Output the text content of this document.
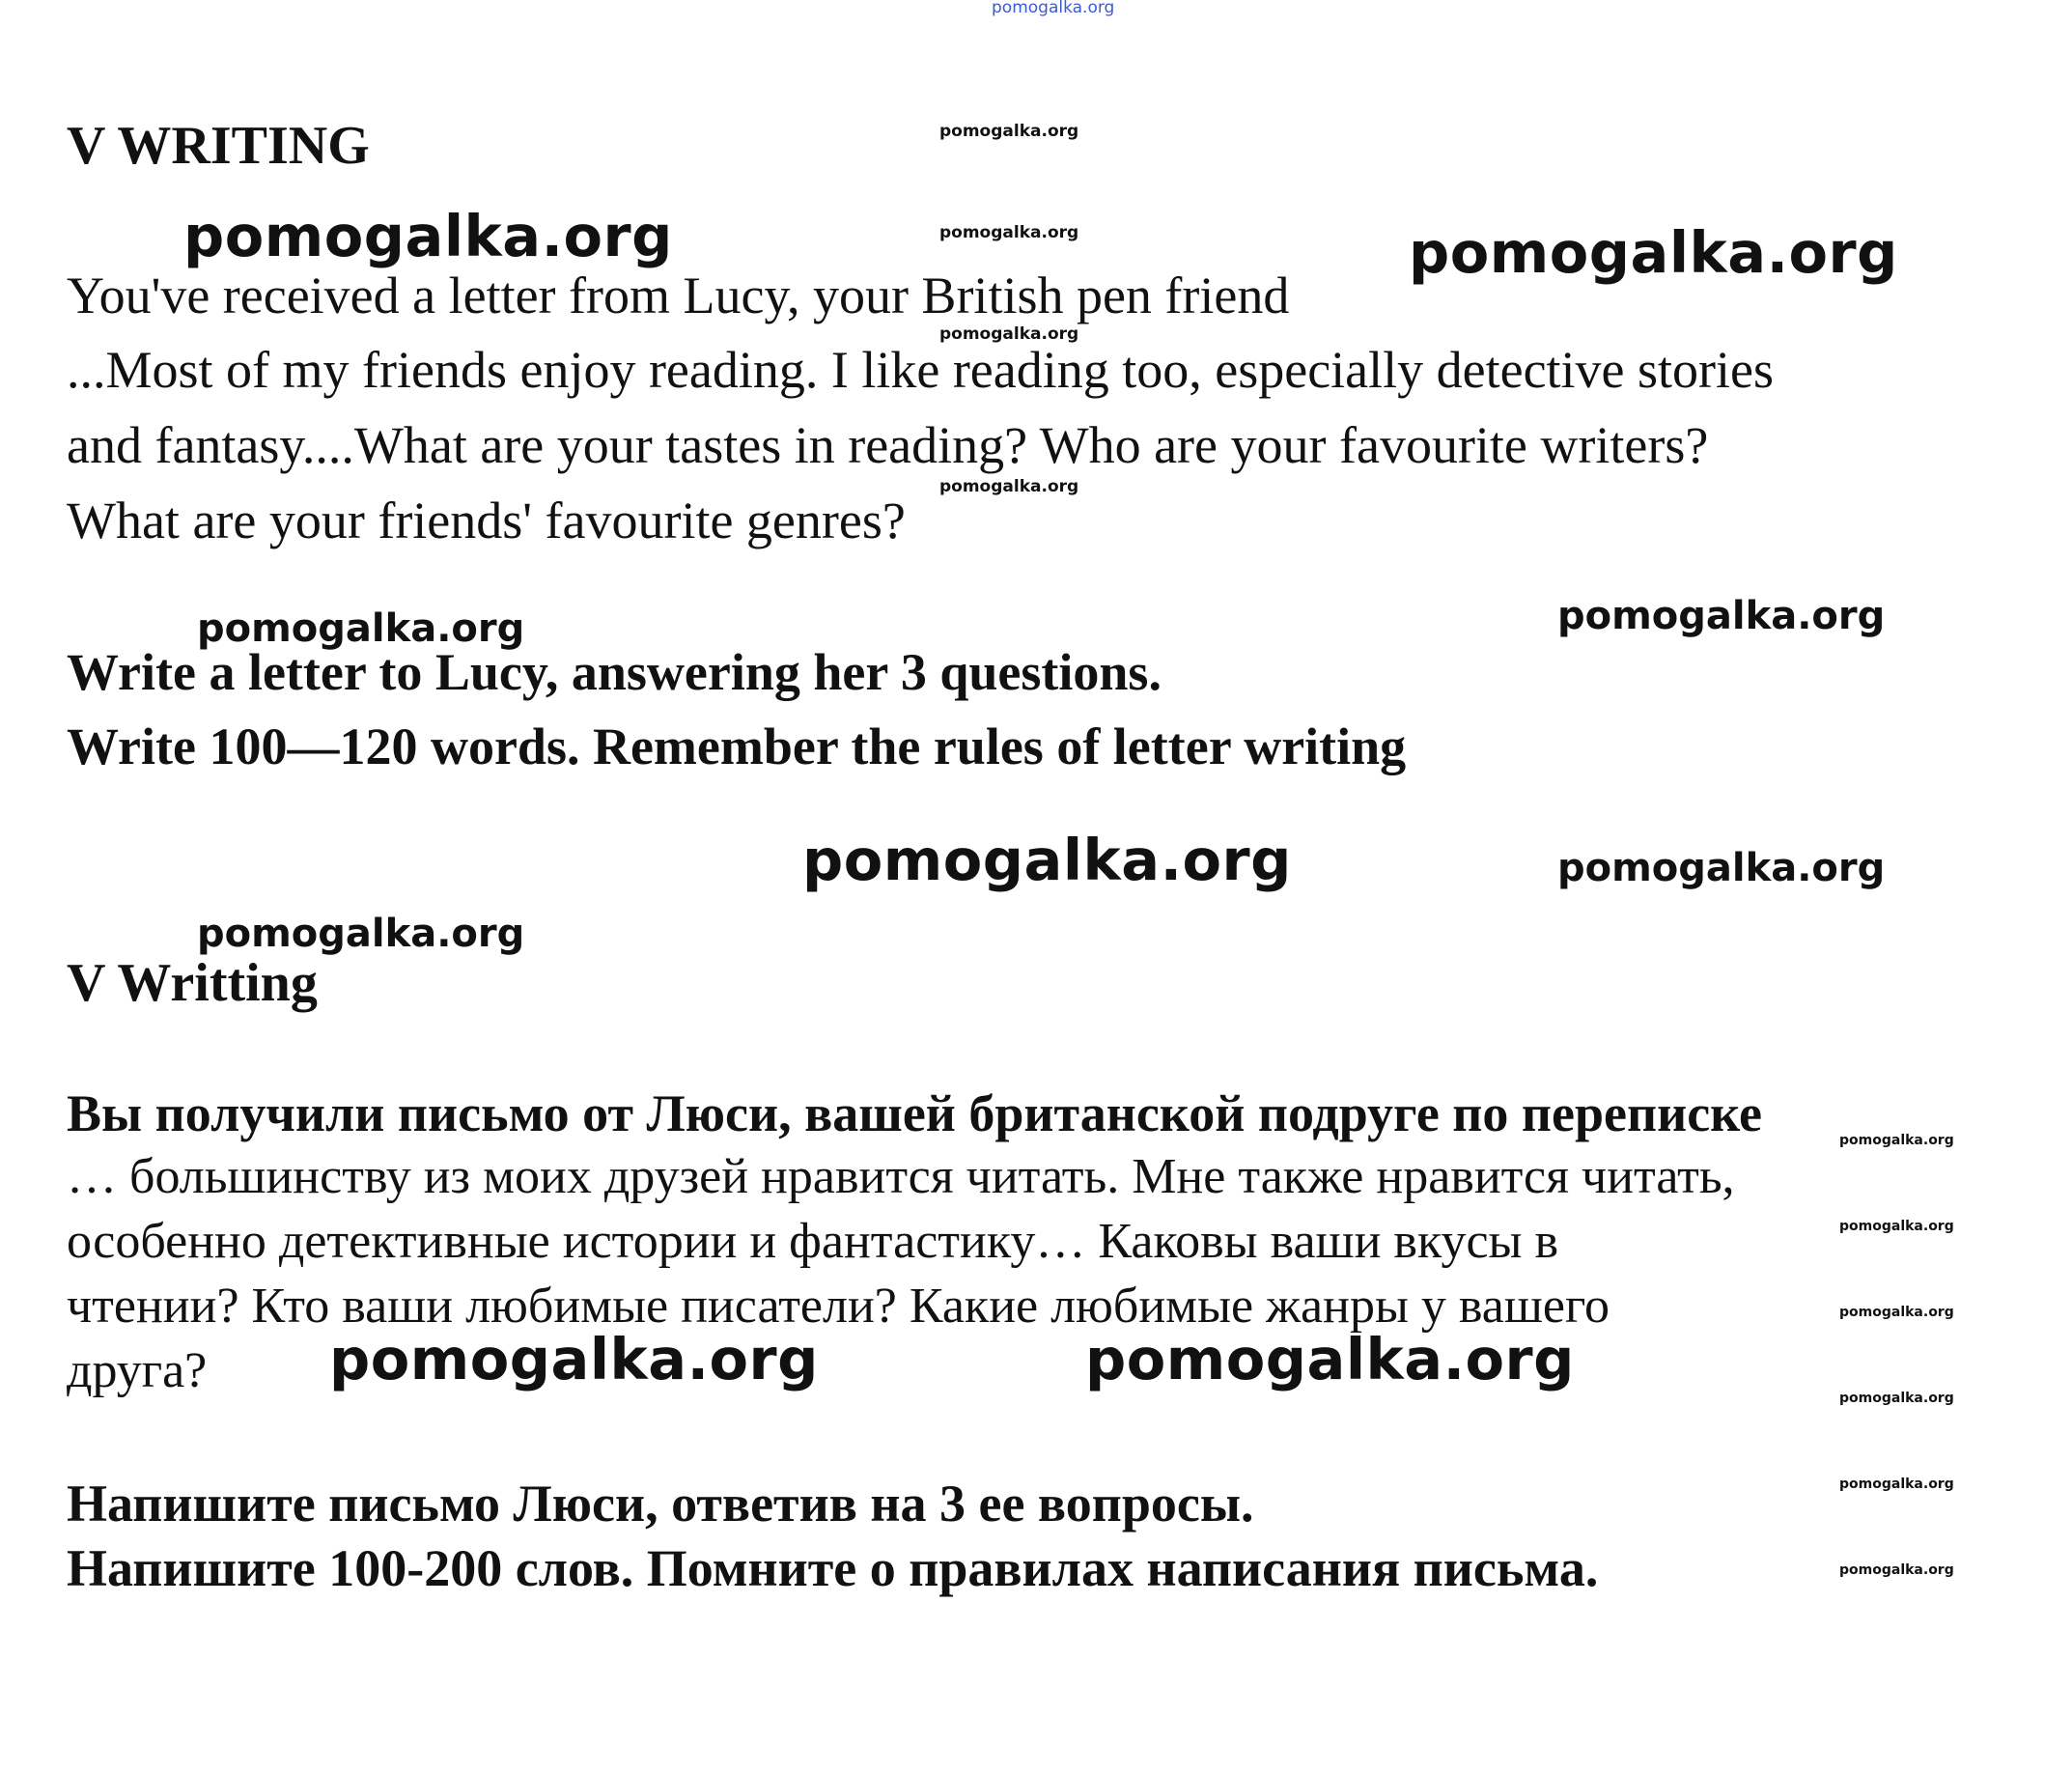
pomogalka.org
V WRITING
You've received a letter from Lucy, your British pen friend
...Most of my friends enjoy reading. I like reading too, especially detective stories
and fantasy....What are your tastes in reading? Who are your favourite writers?
What are your friends' favourite genres?
Write a letter to Lucy, answering her 3 questions.
Write 100—120 words. Remember the rules of letter writing
V Writting
Вы получили письмо от Люси, вашей британской подруге по переписке
… большинству из моих друзей нравится читать. Мне также нравится читать,
особенно детективные истории и фантастику… Каковы ваши вкусы в
чтении? Кто ваши любимые писатели? Какие любимые жанры у вашего
друга?
Напишите письмо Люси, ответив на 3 ее вопросы.
Напишите 100-200 слов. Помните о правилах написания письма.
pomogalka.org
pomogalka.org
pomogalka.org
pomogalka.org
pomogalka.org
pomogalka.org
pomogalka.org
pomogalka.org
pomogalka.org
pomogalka.org
pomogalka.org	pomogalka.org
pomogalka.org
pomogalka.org
pomogalka.org	pomogalka.org
pomogalka.org
pomogalka.org	pomogalka.org
